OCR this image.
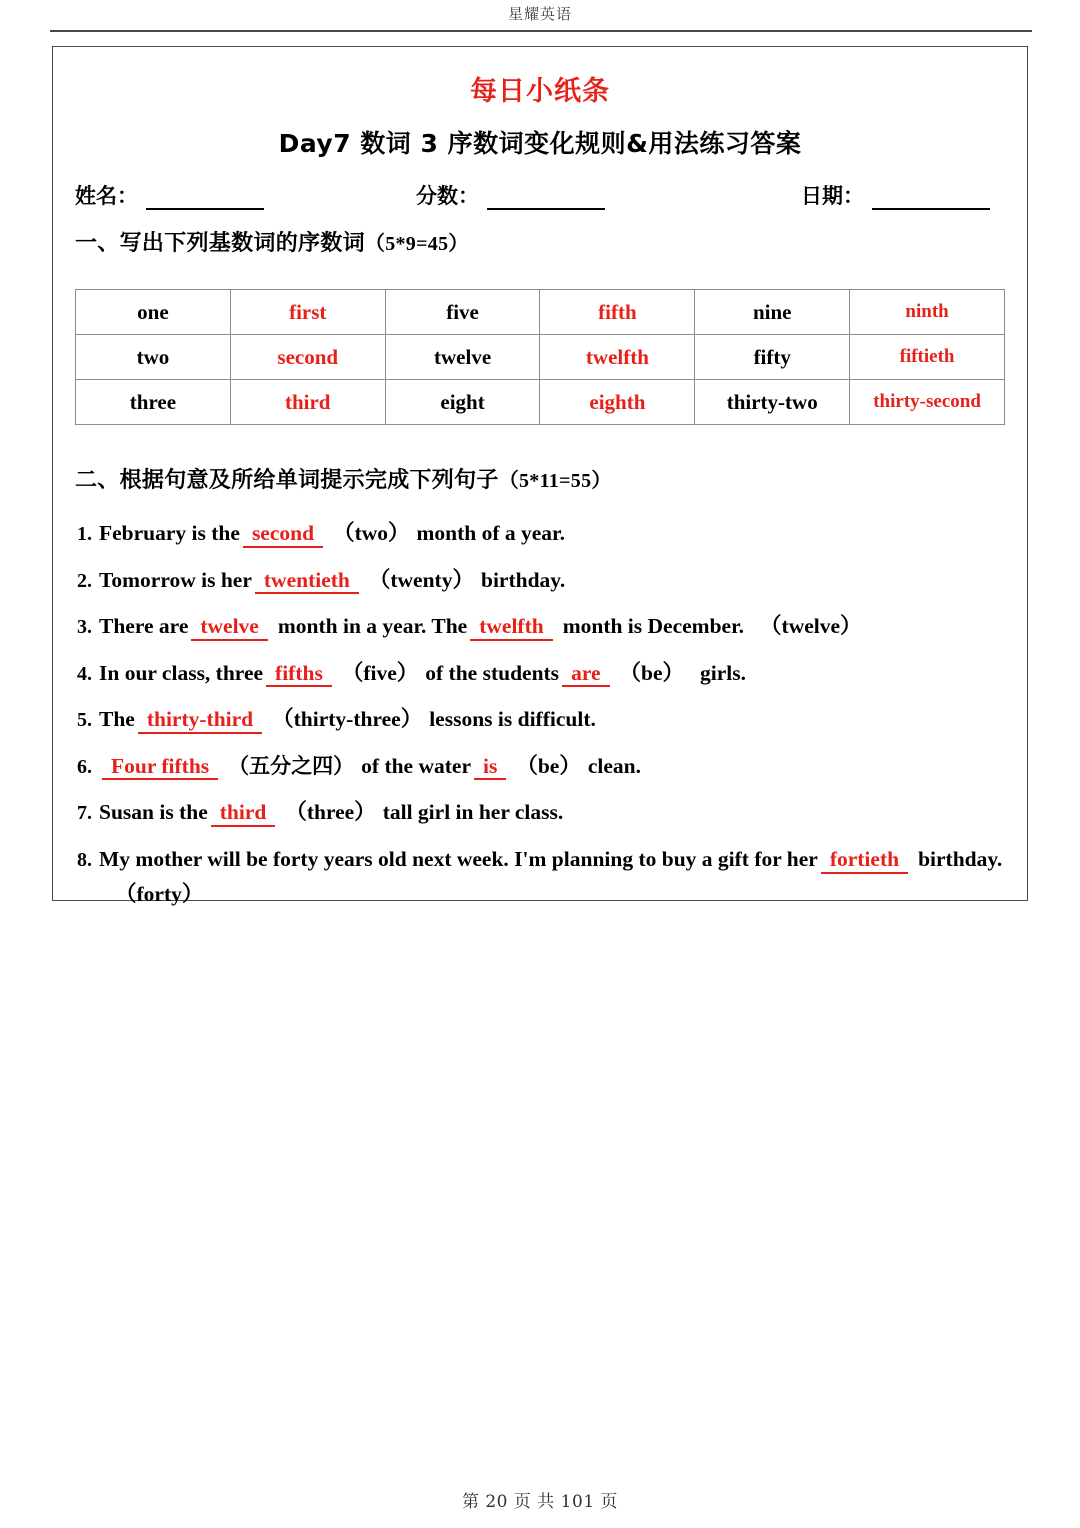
星耀英语
每日小纸条
Day7 数词 3 序数词变化规则&用法练习答案
姓名：	分数：	日期：
一、写出下列基数词的序数词（5*9=45）
one	first	five	fifth	nine	ninth
two	second	twelve	twelfth	fifty	fiftieth
three	third	eight	eighth	thirty-two	thirty-second
二、根据句意及所给单词提示完成下列句子（5*11=55）
1. February is the second （two） month of a year.
2. Tomorrow is her twentieth （twenty） birthday.
3. There are twelve month in a year. The twelfth month is December. （twelve）
4. In our class, three fifths （five） of the students are （be） girls.
5. The thirty-third （thirty-three） lessons is difficult.
6. Four fifths （五分之四） of the water is （be） clean.
7. Susan is the third （three） tall girl in her class.
8. My mother will be forty years old next week. I'm planning to buy a gift for her fortieth birthday.
（forty）
第 20 页 共 101 页
